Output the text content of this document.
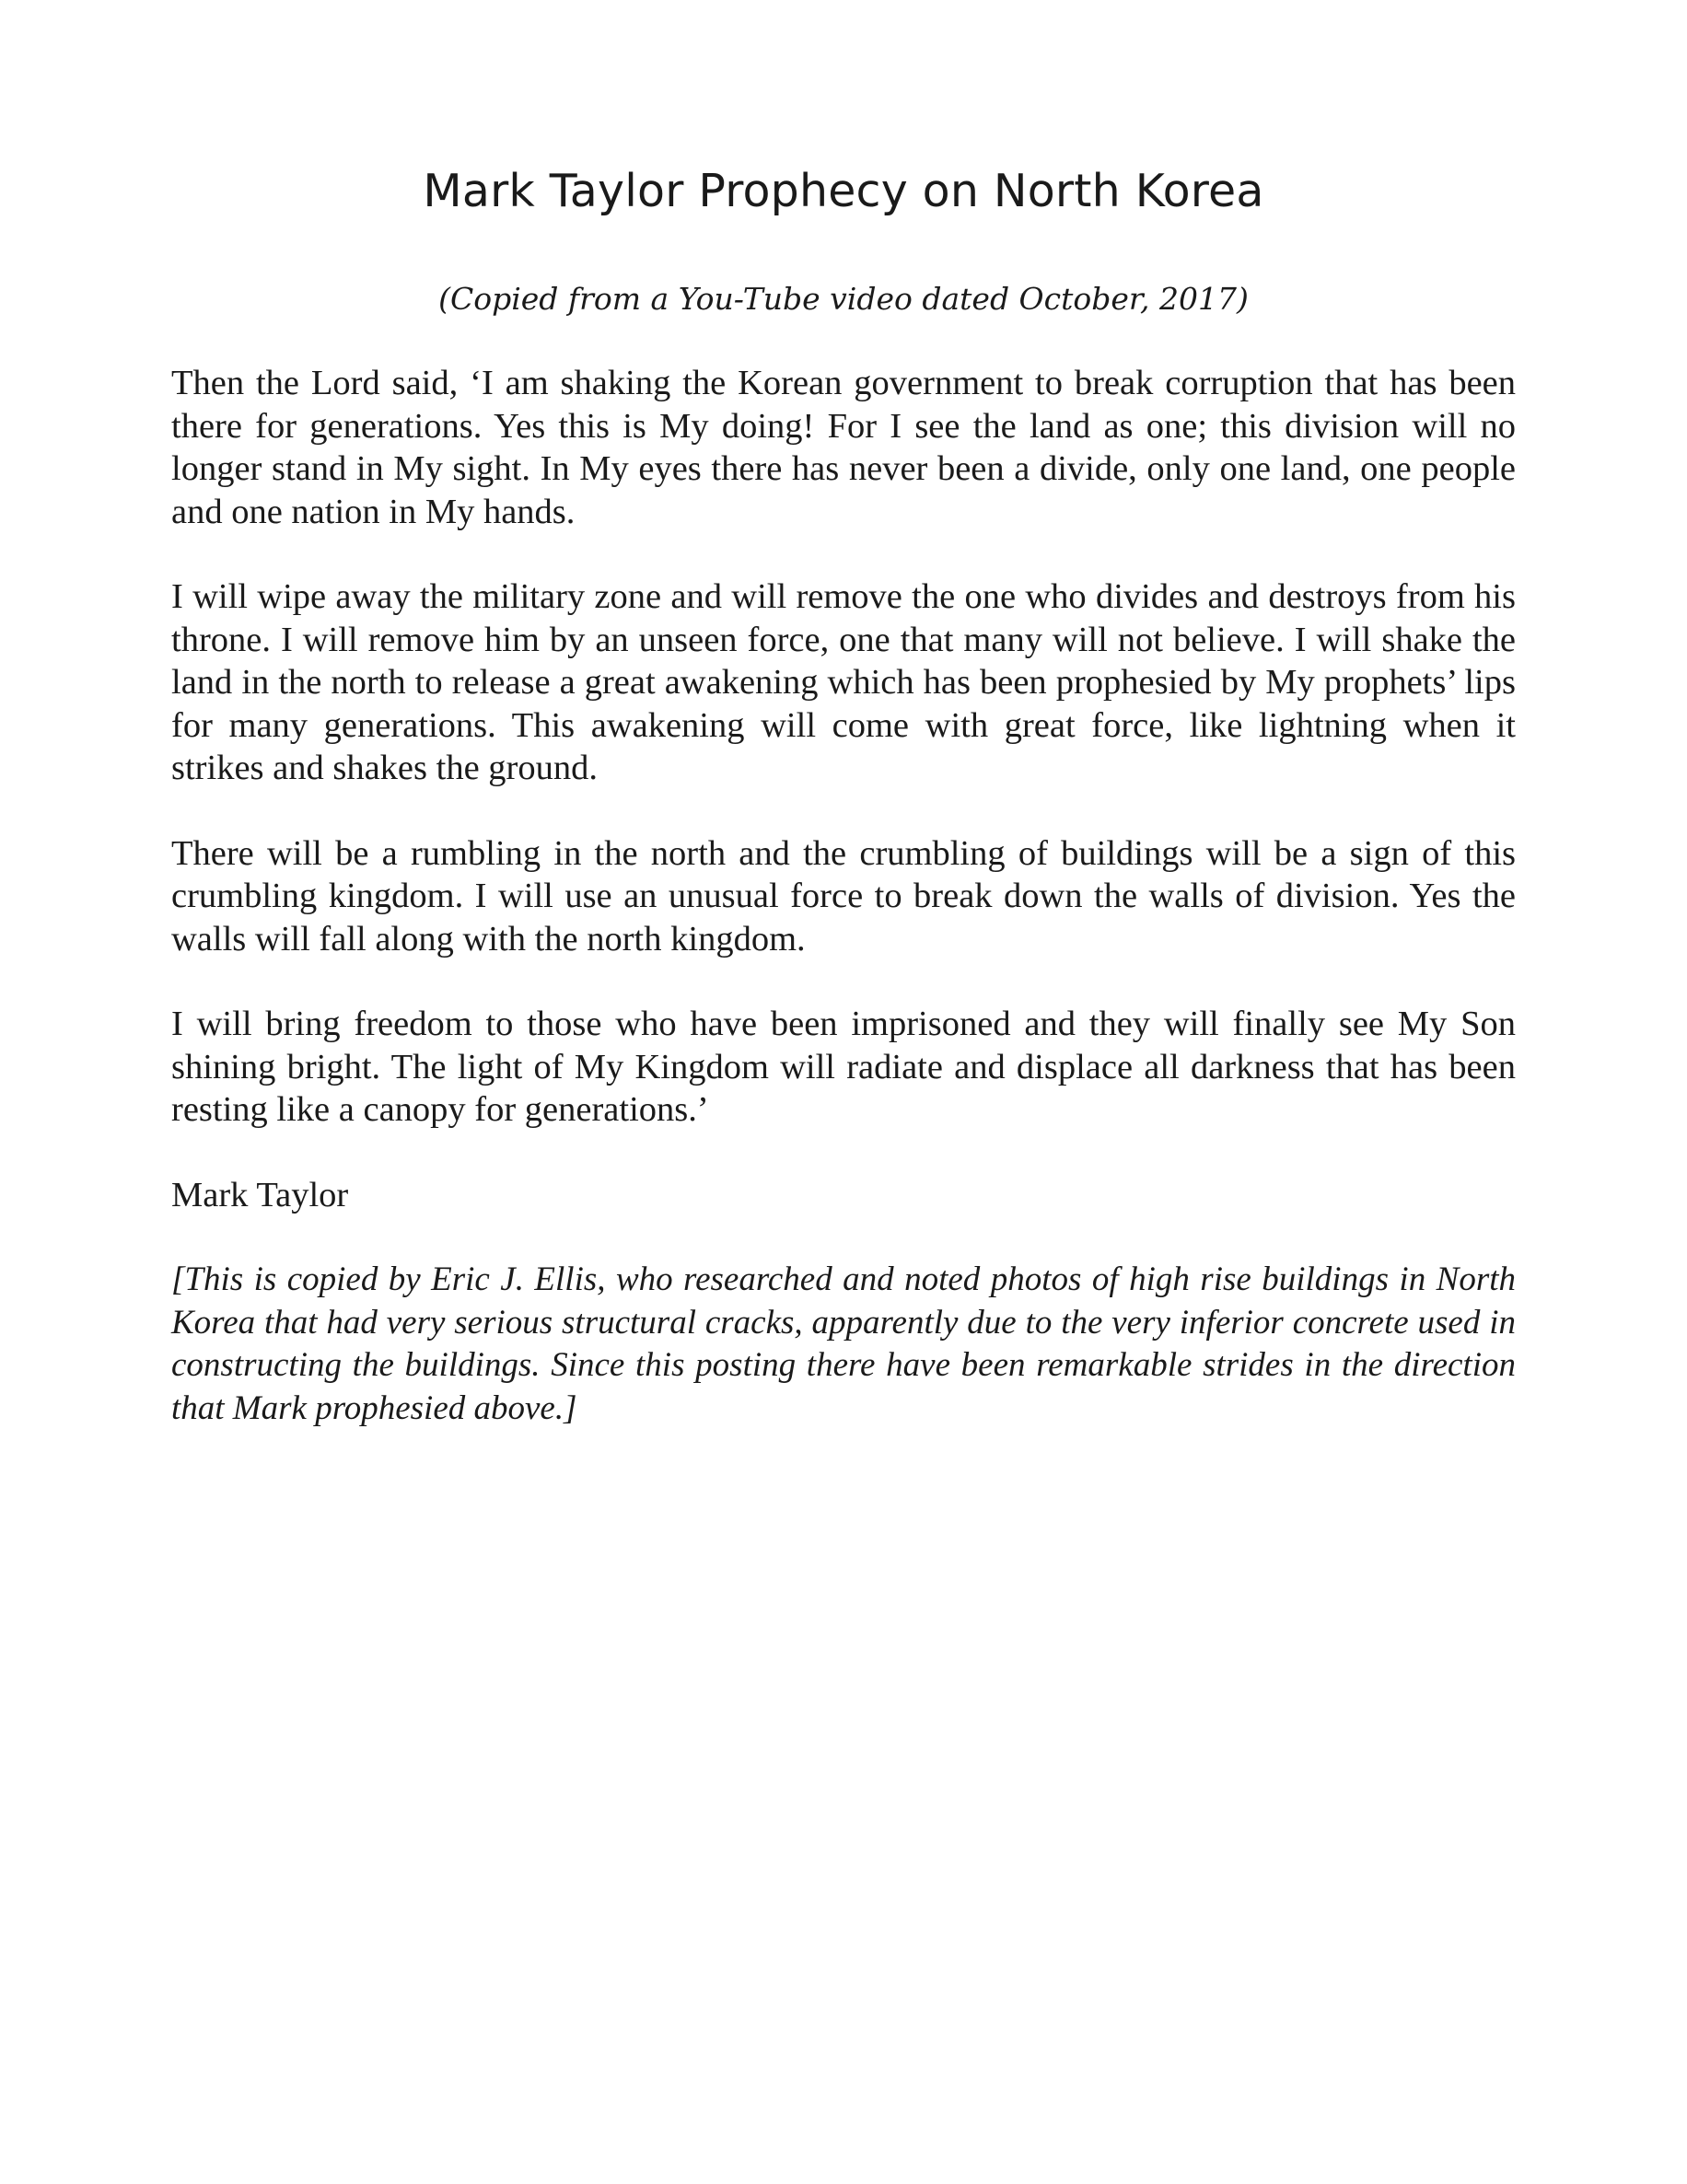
Mark Taylor Prophecy on North Korea

(Copied from a You-Tube video dated October, 2017)

Then the Lord said, ‘I am shaking the Korean government to break corruption that has been there for generations. Yes this is My doing! For I see the land as one; this division will no longer stand in My sight. In My eyes there has never been a divide, only one land, one people and one nation in My hands.

I will wipe away the military zone and will remove the one who divides and destroys from his throne. I will remove him by an unseen force, one that many will not believe. I will shake the land in the north to release a great awakening which has been prophesied by My prophets’ lips for many generations. This awakening will come with great force, like lightning when it strikes and shakes the ground.

There will be a rumbling in the north and the crumbling of buildings will be a sign of this crumbling kingdom. I will use an unusual force to break down the walls of division. Yes the walls will fall along with the north kingdom.

I will bring freedom to those who have been imprisoned and they will finally see My Son shining bright. The light of My Kingdom will radiate and displace all darkness that has been resting like a canopy for generations.’

Mark Taylor

[This is copied by Eric J. Ellis, who researched and noted photos of high rise buildings in North Korea that had very serious structural cracks, apparently due to the very inferior concrete used in constructing the buildings. Since this posting there have been remarkable strides in the direction that Mark prophesied above.]
